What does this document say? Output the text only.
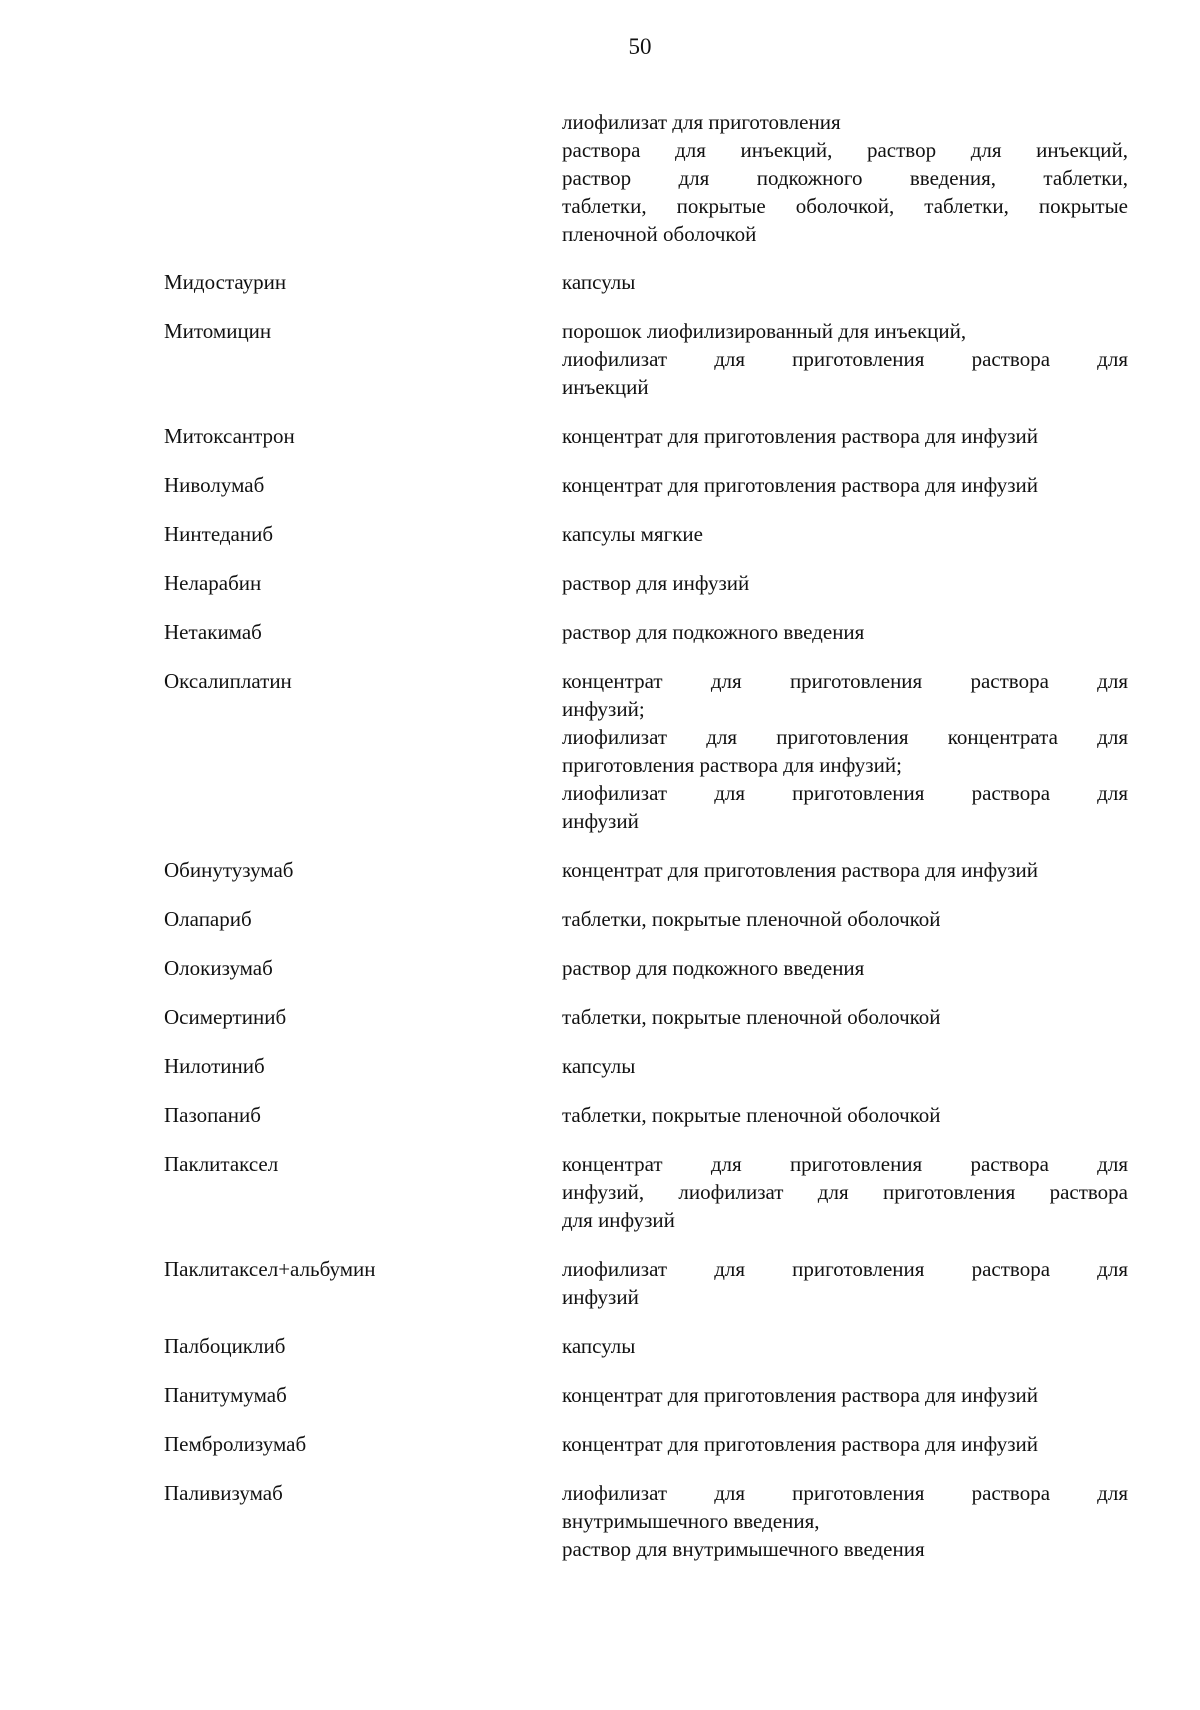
50
лиофилизат для приготовления
раствора для инъекций, раствор для инъекций,
раствор для подкожного введения, таблетки,
таблетки, покрытые оболочкой, таблетки, покрытые
пленочной оболочкой
Мидостаурин	капсулы
Митомицин	порошок лиофилизированный для инъекций,
лиофилизат для приготовления раствора для
инъекций
Митоксантрон	концентрат для приготовления раствора для инфузий
Ниволумаб	концентрат для приготовления раствора для инфузий
Нинтеданиб	капсулы мягкие
Неларабин	раствор для инфузий
Нетакимаб	раствор для подкожного введения
Оксалиплатин	концентрат для приготовления раствора для
инфузий;
лиофилизат для приготовления концентрата для
приготовления раствора для инфузий;
лиофилизат для приготовления раствора для
инфузий
Обинутузумаб	концентрат для приготовления раствора для инфузий
Олапариб	таблетки, покрытые пленочной оболочкой
Олокизумаб	раствор для подкожного введения
Осимертиниб	таблетки, покрытые пленочной оболочкой
Нилотиниб	капсулы
Пазопаниб	таблетки, покрытые пленочной оболочкой
Паклитаксел	концентрат для приготовления раствора для
инфузий, лиофилизат для приготовления раствора
для инфузий
Паклитаксел+альбумин	лиофилизат для приготовления раствора для
инфузий
Палбоциклиб	капсулы
Панитумумаб	концентрат для приготовления раствора для инфузий
Пембролизумаб	концентрат для приготовления раствора для инфузий
Паливизумаб	лиофилизат для приготовления раствора для
внутримышечного введения,
раствор для внутримышечного введения
